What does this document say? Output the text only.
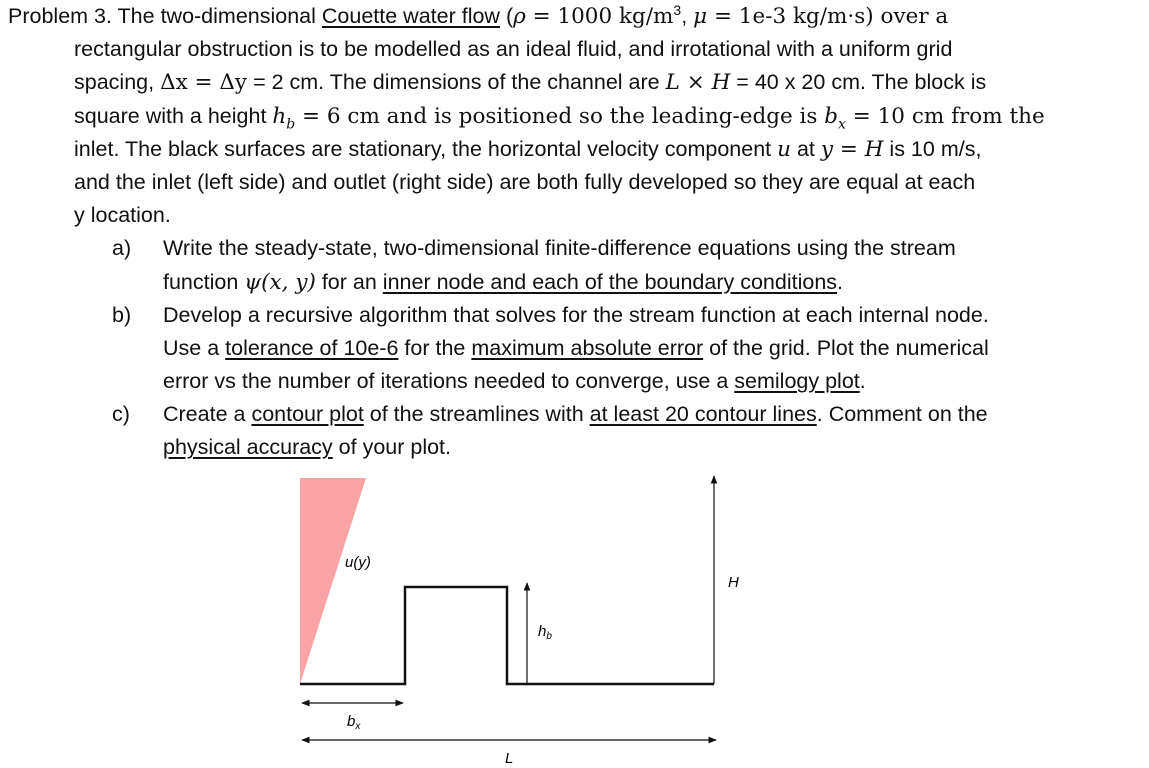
Problem 3. The two-dimensional Couette water flow (ρ = 1000 $kg/m^3$, μ = 1e-3 kg/m·s) over a
rectangular obstruction is to be modelled as an ideal fluid, and irrotational with a uniform grid
spacing, Δx = Δy = 2 cm. The dimensions of the channel are L × H = 40 x 20 cm. The block is
square with a height $h_b = 6$ cm and is positioned so the leading-edge is $b_x = 10$ cm from the
inlet. The black surfaces are stationary, the horizontal velocity component u at y = H is 10 m/s,
and the inlet (left side) and outlet (right side) are both fully developed so they are equal at each
y location.
a) Write the steady-state, two-dimensional finite-difference equations using the stream
function ψ(x, y) for an inner node and each of the boundary conditions.
b) Develop a recursive algorithm that solves for the stream function at each internal node.
Use a tolerance of 10e-6 for the maximum absolute error of the grid. Plot the numerical
error vs the number of iterations needed to converge, use a semilogy plot.
c) Create a contour plot of the streamlines with at least 20 contour lines. Comment on the
physical accuracy of your plot.
u(y)
H
$h_b$
$b_x$
L
